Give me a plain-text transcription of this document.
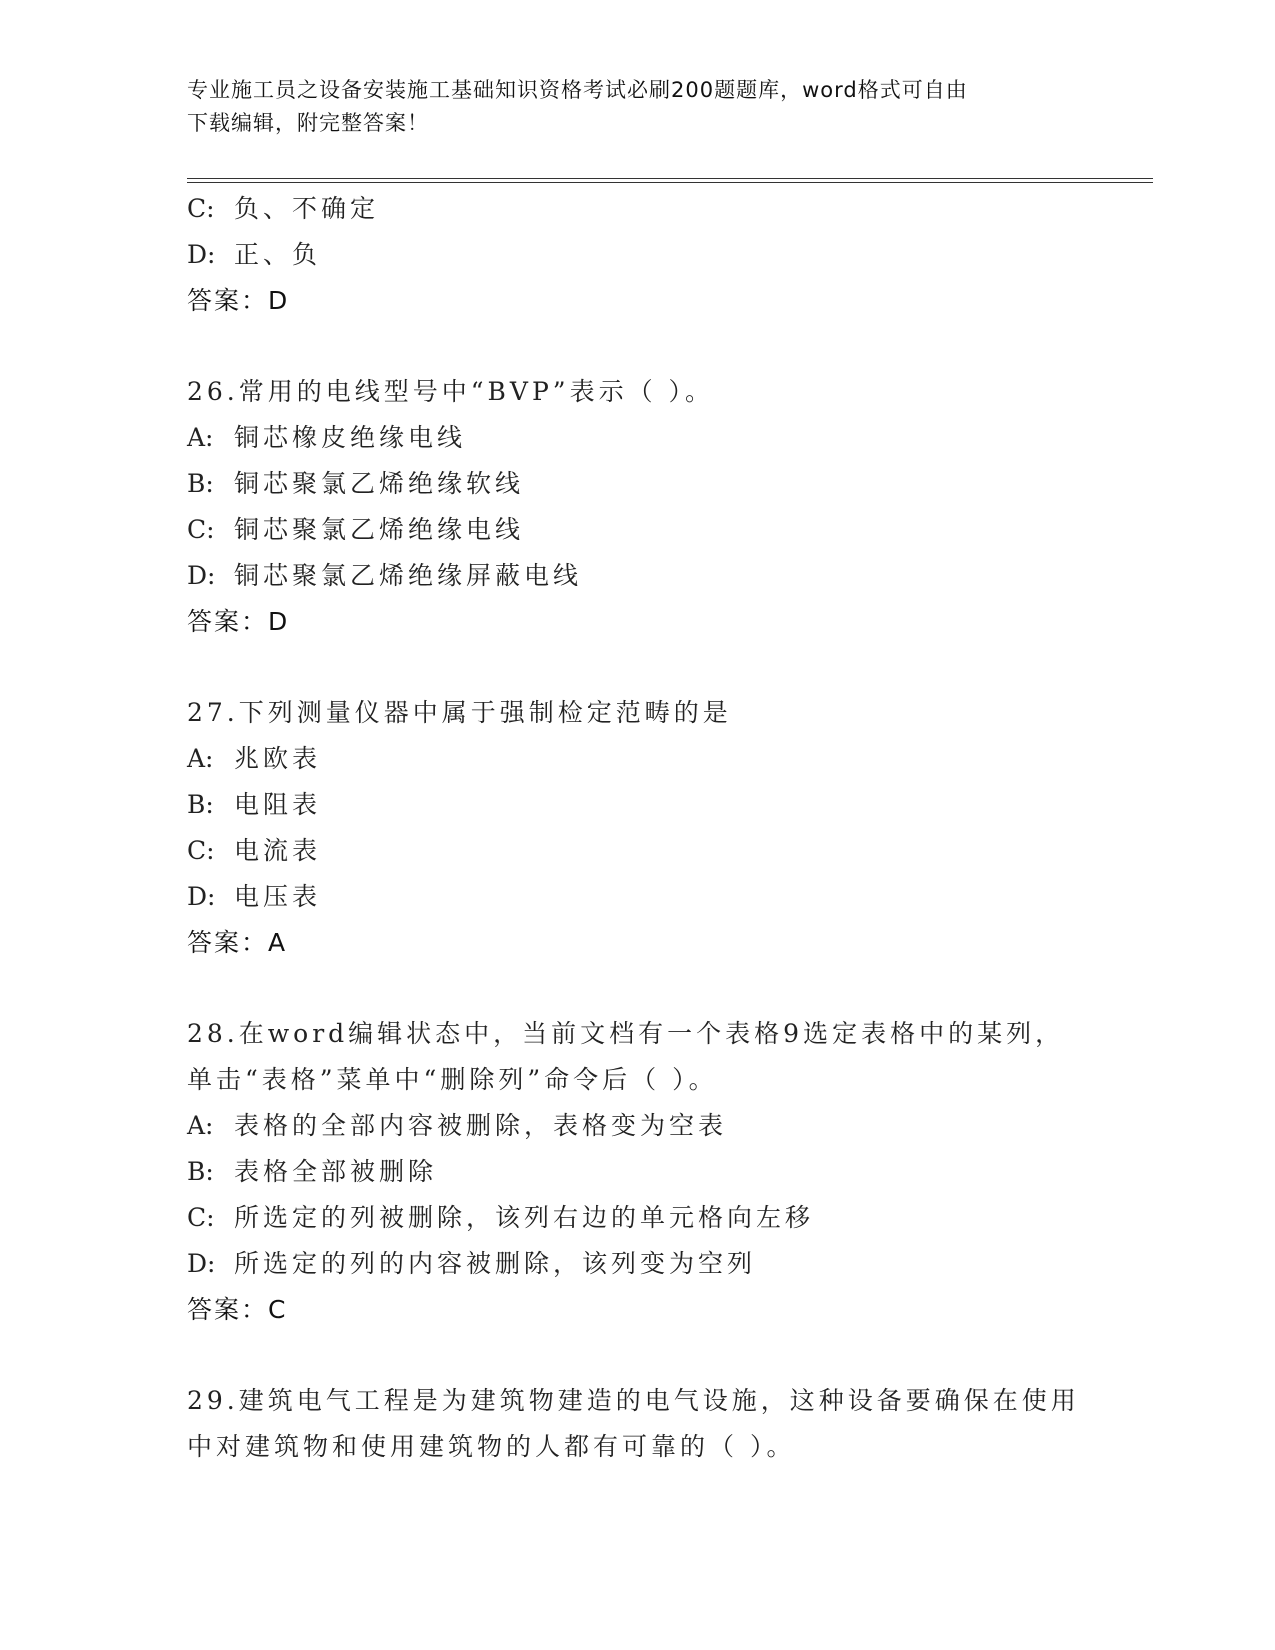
专业施工员之设备安装施工基础知识资格考试必刷200题题库，word格式可自由
下载编辑，附完整答案！
C: 负、不确定
D: 正、负
答案：D
26.常用的电线型号中“BVP”表示（ ）。
A: 铜芯橡皮绝缘电线
B: 铜芯聚氯乙烯绝缘软线
C: 铜芯聚氯乙烯绝缘电线
D: 铜芯聚氯乙烯绝缘屏蔽电线
答案：D
27.下列测量仪器中属于强制检定范畴的是
A: 兆欧表
B: 电阻表
C: 电流表
D: 电压表
答案：A
28.在word编辑状态中，当前文档有一个表格9选定表格中的某列，
单击“表格”菜单中“删除列”命令后（ ）。
A: 表格的全部内容被删除，表格变为空表
B: 表格全部被删除
C: 所选定的列被删除，该列右边的单元格向左移
D: 所选定的列的内容被删除，该列变为空列
答案：C
29.建筑电气工程是为建筑物建造的电气设施，这种设备要确保在使用
中对建筑物和使用建筑物的人都有可靠的（ ）。
